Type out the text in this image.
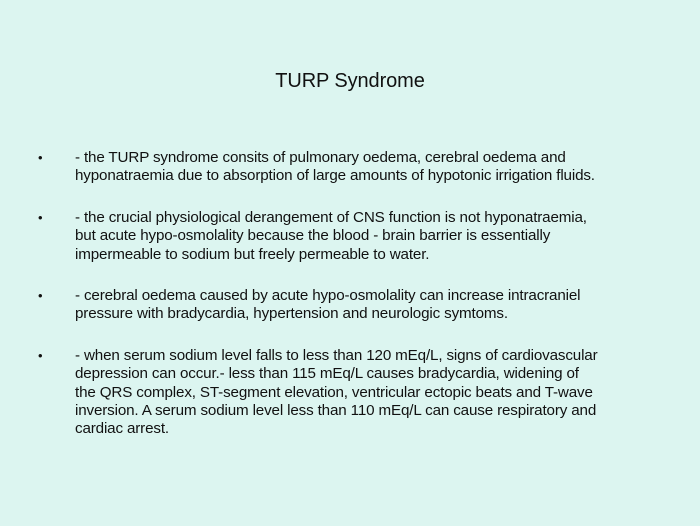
TURP Syndrome
• - the TURP syndrome consits of pulmonary oedema, cerebral oedema and
hyponatraemia due to absorption of large amounts of hypotonic irrigation fluids.
• - the crucial physiological derangement of CNS function is not hyponatraemia,
but acute hypo-osmolality because the blood - brain barrier is essentially
impermeable to sodium but freely permeable to water.
• - cerebral oedema caused by acute hypo-osmolality can increase intracraniel
pressure with bradycardia, hypertension and neurologic symtoms.
• - when serum sodium level falls to less than 120 mEq/L, signs of cardiovascular
depression can occur.- less than 115 mEq/L causes bradycardia, widening of
the QRS complex, ST-segment elevation, ventricular ectopic beats and T-wave
inversion. A serum sodium level less than 110 mEq/L can cause respiratory and
cardiac arrest.
